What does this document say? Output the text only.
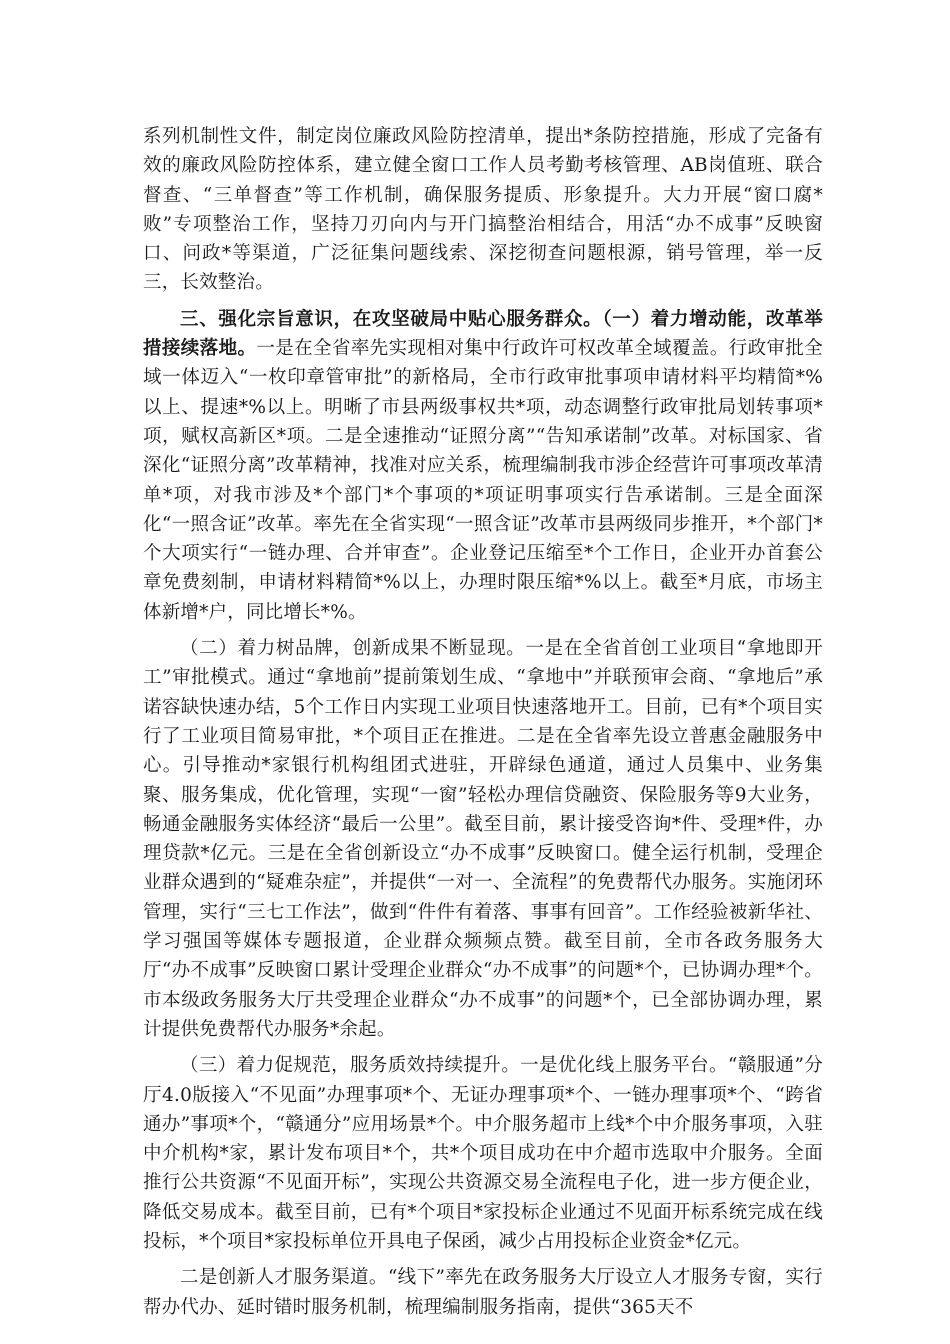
系列机制性文件，制定岗位廉政风险防控清单，提出*条防控措施，形成了完备有效的廉政风险防控体系，建立健全窗口工作人员考勤考核管理、AB岗值班、联合督查、“三单督查”等工作机制，确保服务提质、形象提升。大力开展“窗口腐*败”专项整治工作，坚持刀刃向内与开门搞整治相结合，用活“办不成事”反映窗口、问政*等渠道，广泛征集问题线索、深挖彻查问题根源，销号管理，举一反三，长效整治。

三、强化宗旨意识，在攻坚破局中贴心服务群众。（一）着力增动能，改革举措接续落地。一是在全省率先实现相对集中行政许可权改革全域覆盖。行政审批全域一体迈入“一枚印章管审批”的新格局，全市行政审批事项申请材料平均精简*%以上、提速*%以上。明晰了市县两级事权共*项，动态调整行政审批局划转事项*项，赋权高新区*项。二是全速推动“证照分离”“告知承诺制”改革。对标国家、省深化“证照分离”改革精神，找准对应关系，梳理编制我市涉企经营许可事项改革清单*项，对我市涉及*个部门*个事项的*项证明事项实行告承诺制。三是全面深化“一照含证”改革。率先在全省实现“一照含证”改革市县两级同步推开，*个部门*个大项实行“一链办理、合并审查”。企业登记压缩至*个工作日，企业开办首套公章免费刻制，申请材料精简*%以上，办理时限压缩*%以上。截至*月底，市场主体新增*户，同比增长*%。

（二）着力树品牌，创新成果不断显现。一是在全省首创工业项目“拿地即开工”审批模式。通过“拿地前”提前策划生成、“拿地中”并联预审会商、“拿地后”承诺容缺快速办结，5个工作日内实现工业项目快速落地开工。目前，已有*个项目实行了工业项目简易审批，*个项目正在推进。二是在全省率先设立普惠金融服务中心。引导推动*家银行机构组团式进驻，开辟绿色通道，通过人员集中、业务集聚、服务集成，优化管理，实现“一窗”轻松办理信贷融资、保险服务等9大业务，畅通金融服务实体经济“最后一公里”。截至目前，累计接受咨询*件、受理*件，办理贷款*亿元。三是在全省创新设立“办不成事”反映窗口。健全运行机制，受理企业群众遇到的“疑难杂症”，并提供“一对一、全流程”的免费帮代办服务。实施闭环管理，实行“三七工作法”，做到“件件有着落、事事有回音”。工作经验被新华社、学习强国等媒体专题报道，企业群众频频点赞。截至目前，全市各政务服务大厅“办不成事”反映窗口累计受理企业群众“办不成事”的问题*个，已协调办理*个。市本级政务服务大厅共受理企业群众“办不成事”的问题*个，已全部协调办理，累计提供免费帮代办服务*余起。

（三）着力促规范，服务质效持续提升。一是优化线上服务平台。“赣服通”分厅4.0版接入“不见面”办理事项*个、无证办理事项*个、一链办理事项*个、“跨省通办”事项*个，“赣通分”应用场景*个。中介服务超市上线*个中介服务事项，入驻中介机构*家，累计发布项目*个，共*个项目成功在中介超市选取中介服务。全面推行公共资源“不见面开标”，实现公共资源交易全流程电子化，进一步方便企业，降低交易成本。截至目前，已有*个项目*家投标企业通过不见面开标系统完成在线投标，*个项目*家投标单位开具电子保函，减少占用投标企业资金*亿元。

二是创新人才服务渠道。“线下”率先在政务服务大厅设立人才服务专窗，实行帮办代办、延时错时服务机制，梳理编制服务指南，提供“365天不
